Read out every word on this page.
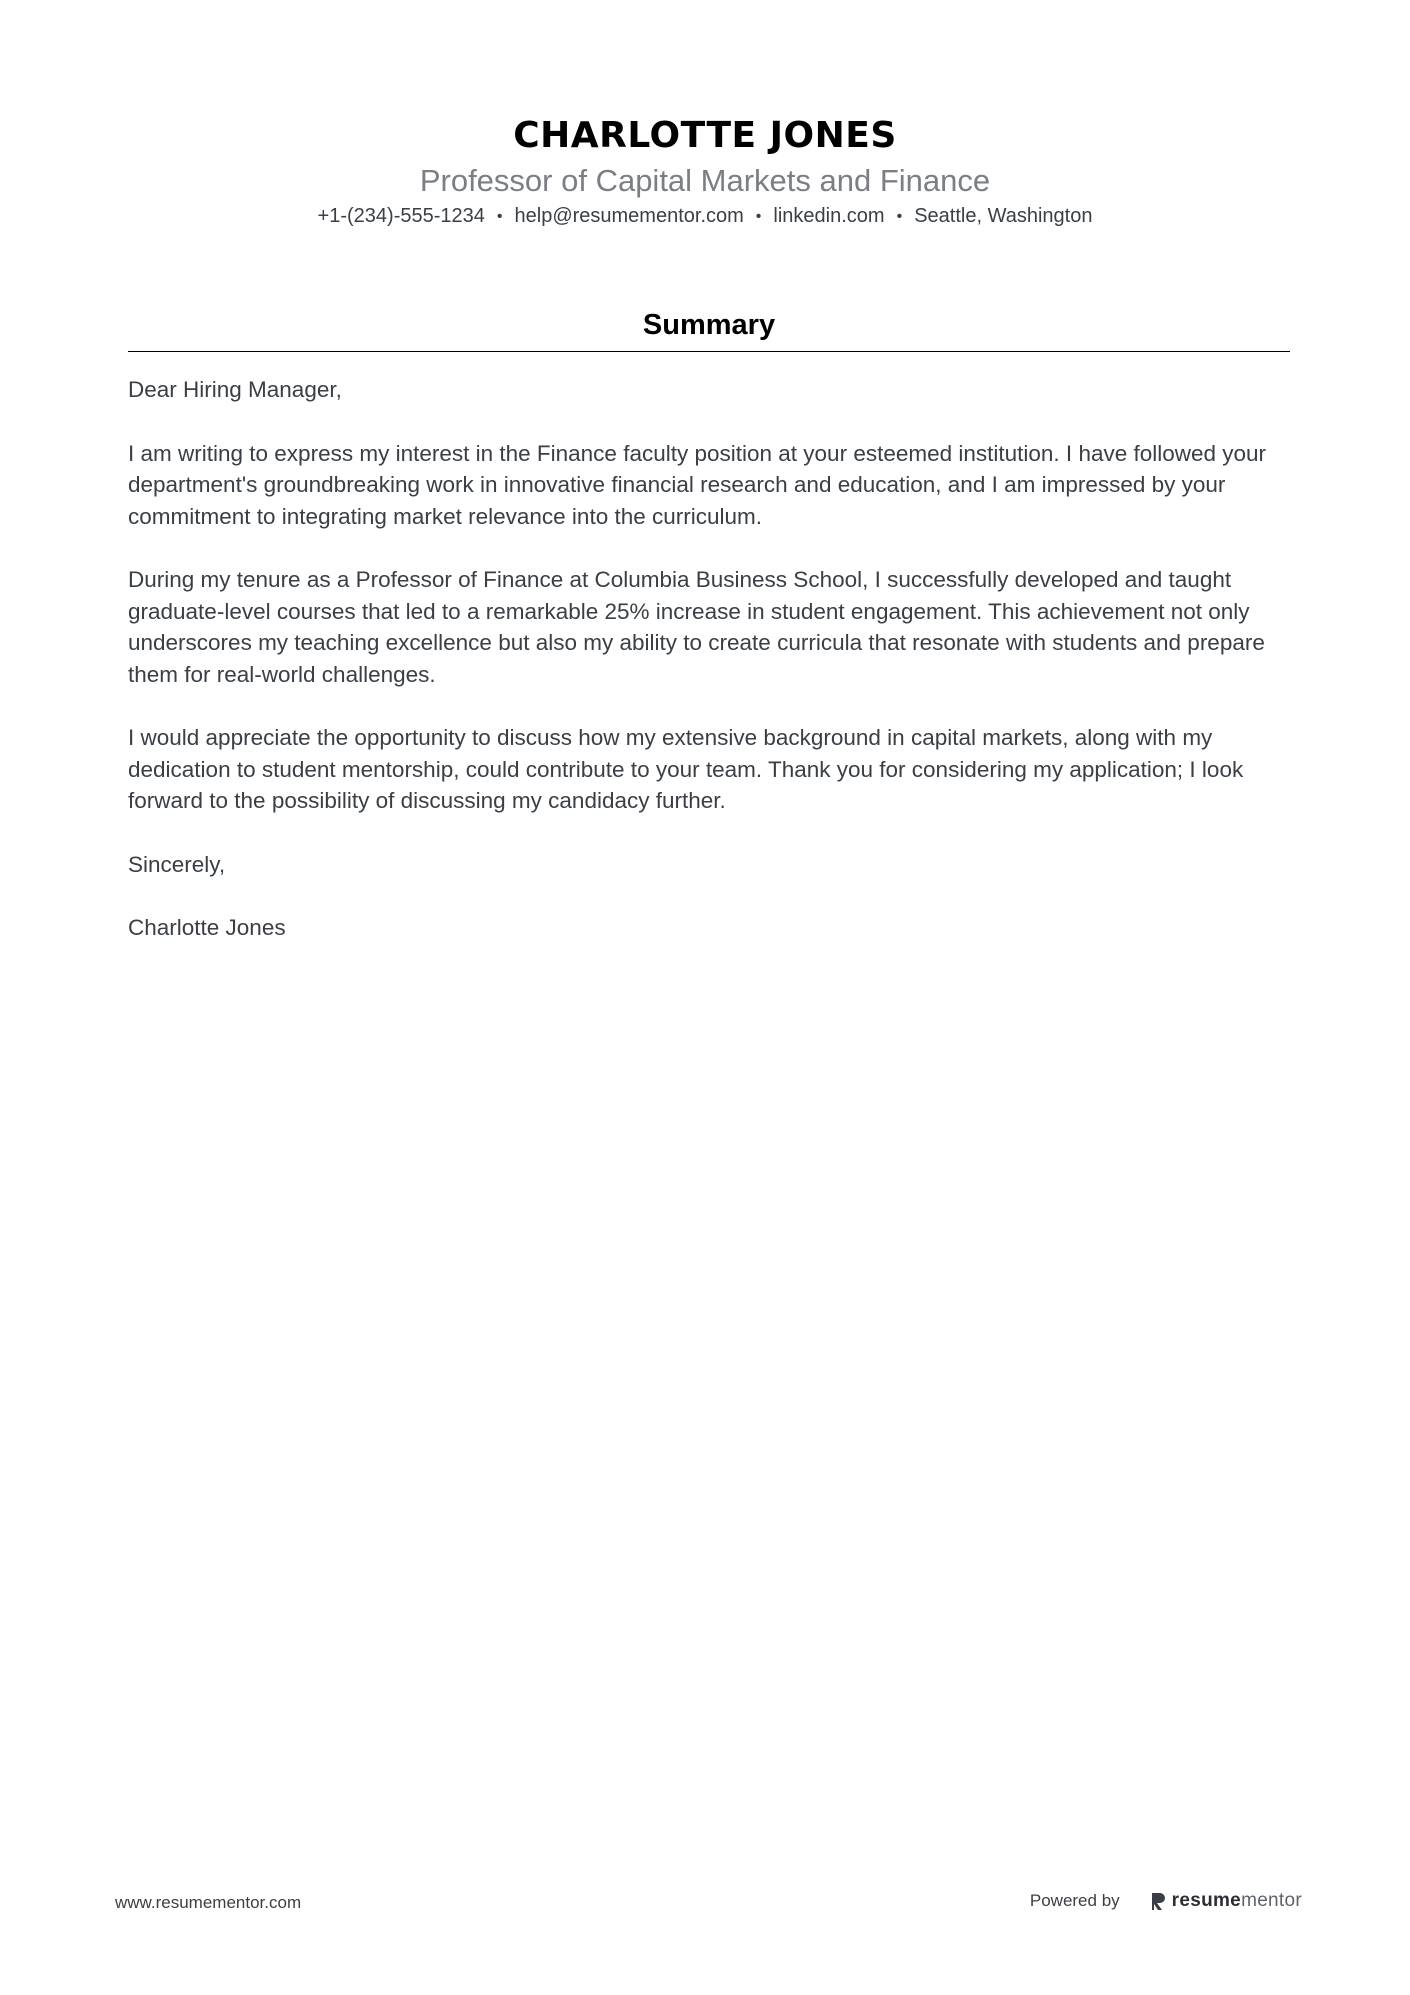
CHARLOTTE JONES
Professor of Capital Markets and Finance
+1-(234)-555-1234 • help@resumementor.com • linkedin.com • Seattle, Washington
Summary

Dear Hiring Manager,

I am writing to express my interest in the Finance faculty position at your esteemed institution. I have followed your department's groundbreaking work in innovative financial research and education, and I am impressed by your commitment to integrating market relevance into the curriculum.

During my tenure as a Professor of Finance at Columbia Business School, I successfully developed and taught graduate-level courses that led to a remarkable 25% increase in student engagement. This achievement not only underscores my teaching excellence but also my ability to create curricula that resonate with students and prepare them for real-world challenges.

I would appreciate the opportunity to discuss how my extensive background in capital markets, along with my dedication to student mentorship, could contribute to your team. Thank you for considering my application; I look forward to the possibility of discussing my candidacy further.

Sincerely,

Charlotte Jones

www.resumementor.com	Powered by	resume mentor
